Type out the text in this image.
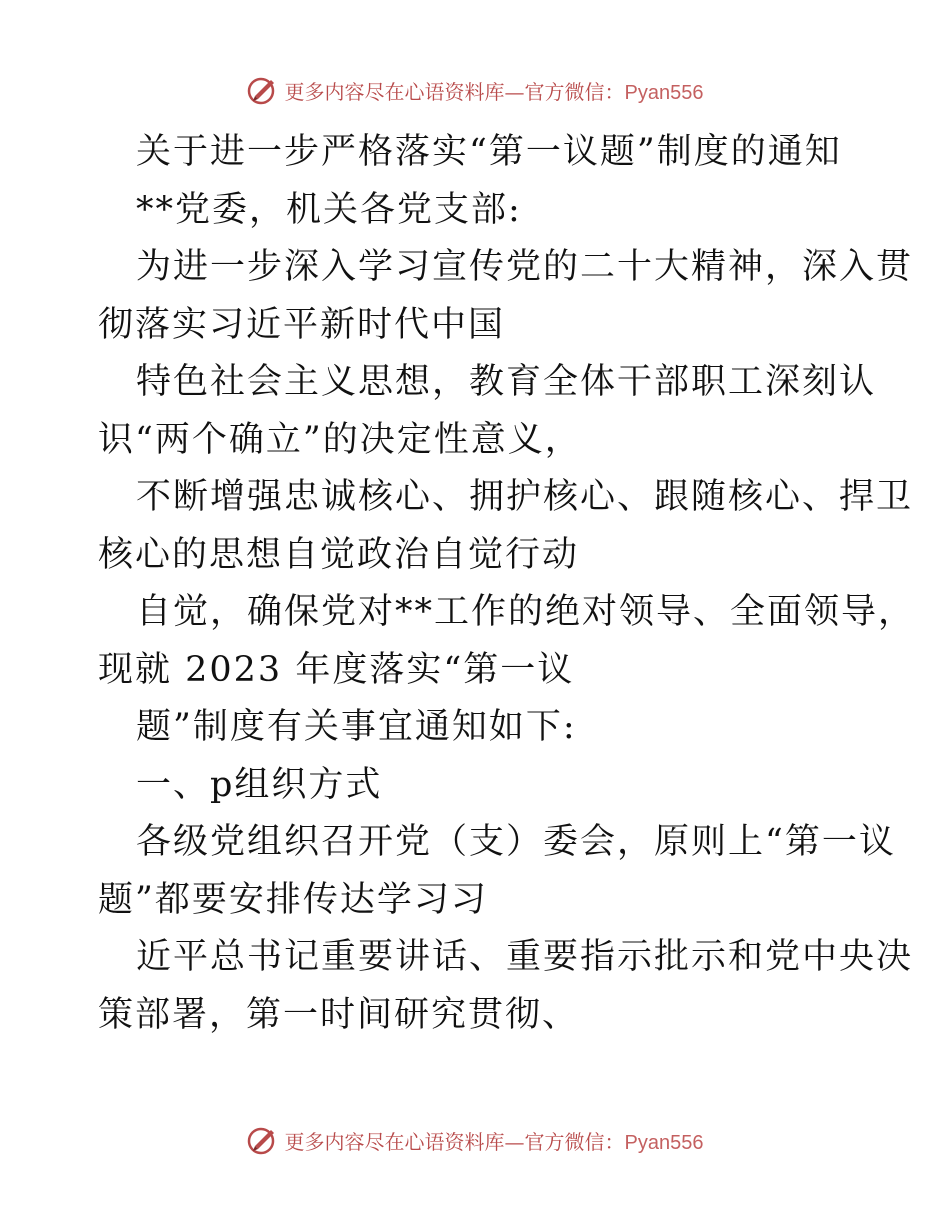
更多内容尽在心语资料库—官方微信：Pyan556
关于进一步严格落实“第一议题”制度的通知
**党委，机关各党支部:
为进一步深入学习宣传党的二十大精神，深入贯
彻落实习近平新时代中国
特色社会主义思想，教育全体干部职工深刻认
识“两个确立”的决定性意义，
不断增强忠诚核心、拥护核心、跟随核心、捍卫
核心的思想自觉政治自觉行动
自觉，确保党对**工作的绝对领导、全面领导，
现就 2023 年度落实“第一议
题”制度有关事宜通知如下:
一、p组织方式
各级党组织召开党（支）委会，原则上“第一议
题”都要安排传达学习习
近平总书记重要讲话、重要指示批示和党中央决
策部署，第一时间研究贯彻、
更多内容尽在心语资料库—官方微信：Pyan556
